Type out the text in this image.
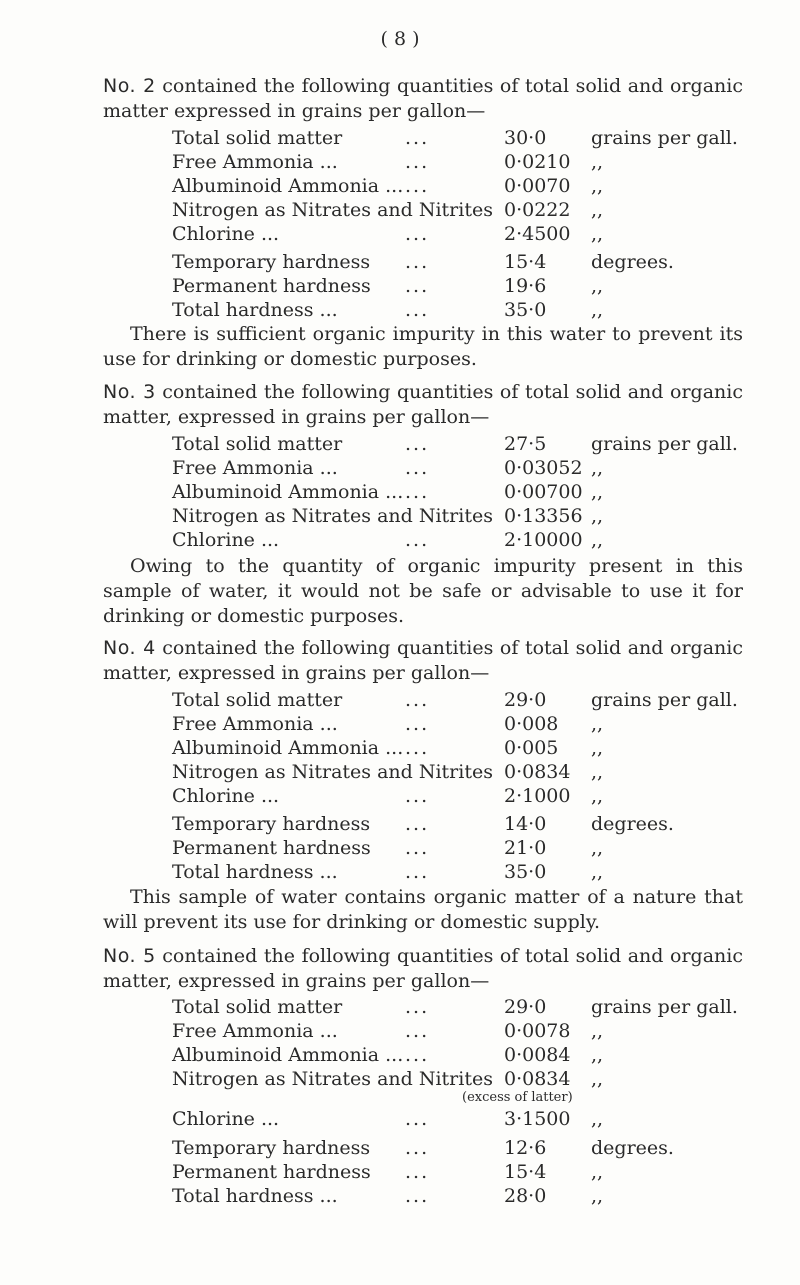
( 8 )

No. 2 contained the following quantities of total solid and organic matter expressed in grains per gallon—

Total solid matter	...	30·0 grains per gall.
Free Ammonia ...	...	0·0210 ,,
Albuminoid Ammonia ... ...	0·0070 ,,
Nitrogen as Nitrates and Nitrites 0·0222 ,,
Chlorine ...	...	2·4500 ,,
Temporary hardness ...	15·4 degrees.
Permanent hardness ...	19·6 ,,
Total hardness ...	...	35·0 ,,

There is sufficient organic impurity in this water to prevent its use for drinking or domestic purposes.

No. 3 contained the following quantities of total solid and organic matter, expressed in grains per gallon—

Total solid matter	...	27·5 grains per gall.
Free Ammonia ...	...	0·03052 ,,
Albuminoid Ammonia ... ...	0·00700 ,,
Nitrogen as Nitrates and Nitrites 0·13356 ,,
Chlorine ...	...	2·10000 ,,

Owing to the quantity of organic impurity present in this sample of water, it would not be safe or advisable to use it for drinking or domestic purposes.

No. 4 contained the following quantities of total solid and organic matter, expressed in grains per gallon—

Total solid matter	...	29·0 grains per gall.
Free Ammonia ...	...	0·008 ,,
Albuminoid Ammonia ... ...	0·005 ,,
Nitrogen as Nitrates and Nitrites 0·0834 ,,
Chlorine ...	...	2·1000 ,,
Temporary hardness ...	14·0 degrees.
Permanent hardness ...	21·0 ,,
Total hardness ...	...	35·0 ,,

This sample of water contains organic matter of a nature that will prevent its use for drinking or domestic supply.

No. 5 contained the following quantities of total solid and organic matter, expressed in grains per gallon—

Total solid matter	...	29·0 grains per gall.
Free Ammonia ...	...	0·0078 ,,
Albuminoid Ammonia ... ...	0·0084 ,,
Nitrogen as Nitrates and Nitrites 0·0834 ,,
(excess of latter)
Chlorine ...	...	3·1500 ,,
Temporary hardness ...	12·6 degrees.
Permanent hardness ...	15·4 ,,
Total hardness ...	...	28·0 ,,
